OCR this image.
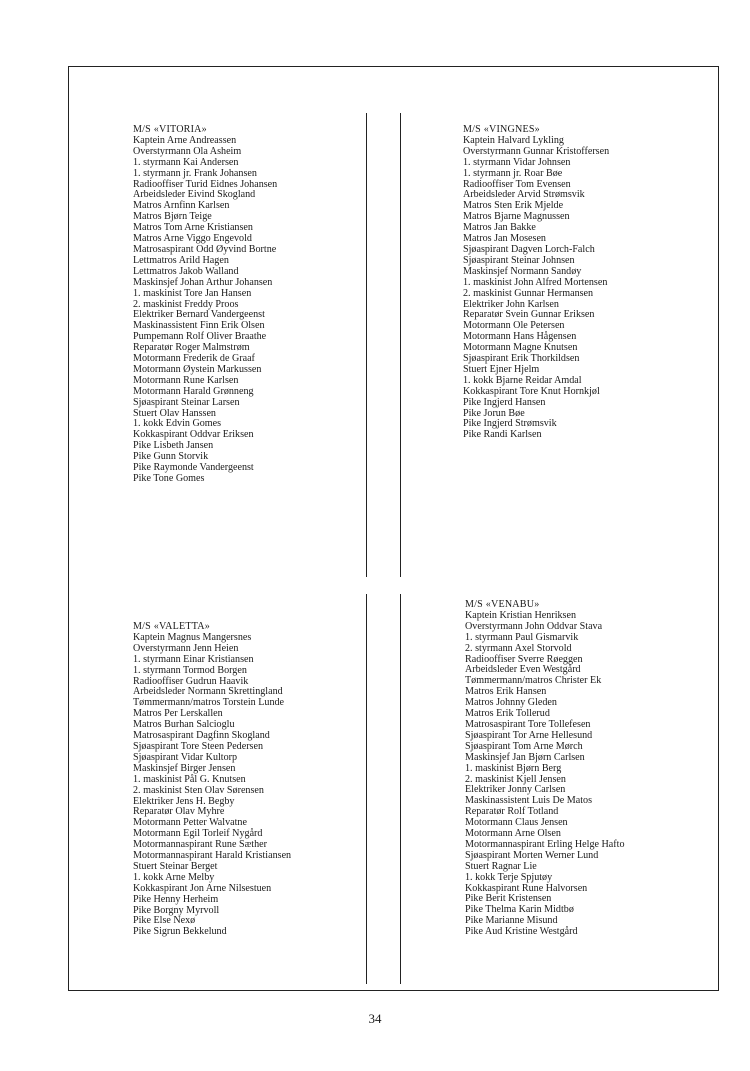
M/S «VITORIA»
Kaptein Arne Andreassen
Overstyrmann Ola Asheim
1. styrmann Kai Andersen
1. styrmann jr. Frank Johansen
Radiooffiser Turid Eidnes Johansen
Arbeidsleder Eivind Skogland
Matros Arnfinn Karlsen
Matros Bjørn Teige
Matros Tom Arne Kristiansen
Matros Arne Viggo Engevold
Matrosaspirant Odd Øyvind Bortne
Lettmatros Arild Hagen
Lettmatros Jakob Walland
Maskinsjef Johan Arthur Johansen
1. maskinist Tore Jan Hansen
2. maskinist Freddy Proos
Elektriker Bernard Vandergeenst
Maskinassistent Finn Erik Olsen
Pumpemann Rolf Oliver Braathe
Reparatør Roger Malmstrøm
Motormann Frederik de Graaf
Motormann Øystein Markussen
Motormann Rune Karlsen
Motormann Harald Grønneng
Sjøaspirant Steinar Larsen
Stuert Olav Hanssen
1. kokk Edvin Gomes
Kokkaspirant Oddvar Eriksen
Pike Lisbeth Jansen
Pike Gunn Storvik
Pike Raymonde Vandergeenst
Pike Tone Gomes
M/S «VINGNES»
Kaptein Halvard Lykling
Overstyrmann Gunnar Kristoffersen
1. styrmann Vidar Johnsen
1. styrmann jr. Roar Bøe
Radiooffiser Tom Evensen
Arbeidsleder Arvid Strømsvik
Matros Sten Erik Mjelde
Matros Bjarne Magnussen
Matros Jan Bakke
Matros Jan Mosesen
Sjøaspirant Dagven Lorch-Falch
Sjøaspirant Steinar Johnsen
Maskinsjef Normann Sandøy
1. maskinist John Alfred Mortensen
2. maskinist Gunnar Hermansen
Elektriker John Karlsen
Reparatør Svein Gunnar Eriksen
Motormann Ole Petersen
Motormann Hans Hågensen
Motormann Magne Knutsen
Sjøaspirant Erik Thorkildsen
Stuert Ejner Hjelm
1. kokk Bjarne Reidar Amdal
Kokkaspirant Tore Knut Hornkjøl
Pike Ingjerd Hansen
Pike Jorun Bøe
Pike Ingjerd Strømsvik
Pike Randi Karlsen
M/S «VALETTA»
Kaptein Magnus Mangersnes
Overstyrmann Jenn Heien
1. styrmann Einar Kristiansen
1. styrmann Tormod Borgen
Radiooffiser Gudrun Haavik
Arbeidsleder Normann Skrettingland
Tømmermann/matros Torstein Lunde
Matros Per Lerskallen
Matros Burhan Salcioglu
Matrosaspirant Dagfinn Skogland
Sjøaspirant Tore Steen Pedersen
Sjøaspirant Vidar Kultorp
Maskinsjef Birger Jensen
1. maskinist Pål G. Knutsen
2. maskinist Sten Olav Sørensen
Elektriker Jens H. Begby
Reparatør Olav Myhre
Motormann Petter Walvatne
Motormann Egil Torleif Nygård
Motormannaspirant Rune Sæther
Motormannaspirant Harald Kristiansen
Stuert Steinar Berget
1. kokk Arne Melby
Kokkaspirant Jon Arne Nilsestuen
Pike Henny Herheim
Pike Borgny Myrvoll
Pike Else Nexø
Pike Sigrun Bekkelund
M/S «VENABU»
Kaptein Kristian Henriksen
Overstyrmann John Oddvar Stava
1. styrmann Paul Gismarvik
2. styrmann Axel Storvold
Radiooffiser Sverre Røeggen
Arbeidsleder Even Westgård
Tømmermann/matros Christer Ek
Matros Erik Hansen
Matros Johnny Gleden
Matros Erik Tollerud
Matrosaspirant Tore Tollefesen
Sjøaspirant Tor Arne Hellesund
Sjøaspirant Tom Arne Mørch
Maskinsjef Jan Bjørn Carlsen
1. maskinist Bjørn Berg
2. maskinist Kjell Jensen
Elektriker Jonny Carlsen
Maskinassistent Luis De Matos
Reparatør Rolf Totland
Motormann Claus Jensen
Motormann Arne Olsen
Motormannaspirant Erling Helge Hafto
Sjøaspirant Morten Werner Lund
Stuert Ragnar Lie
1. kokk Terje Spjutøy
Kokkaspirant Rune Halvorsen
Pike Berit Kristensen
Pike Thelma Karin Midtbø
Pike Marianne Misund
Pike Aud Kristine Westgård
34
